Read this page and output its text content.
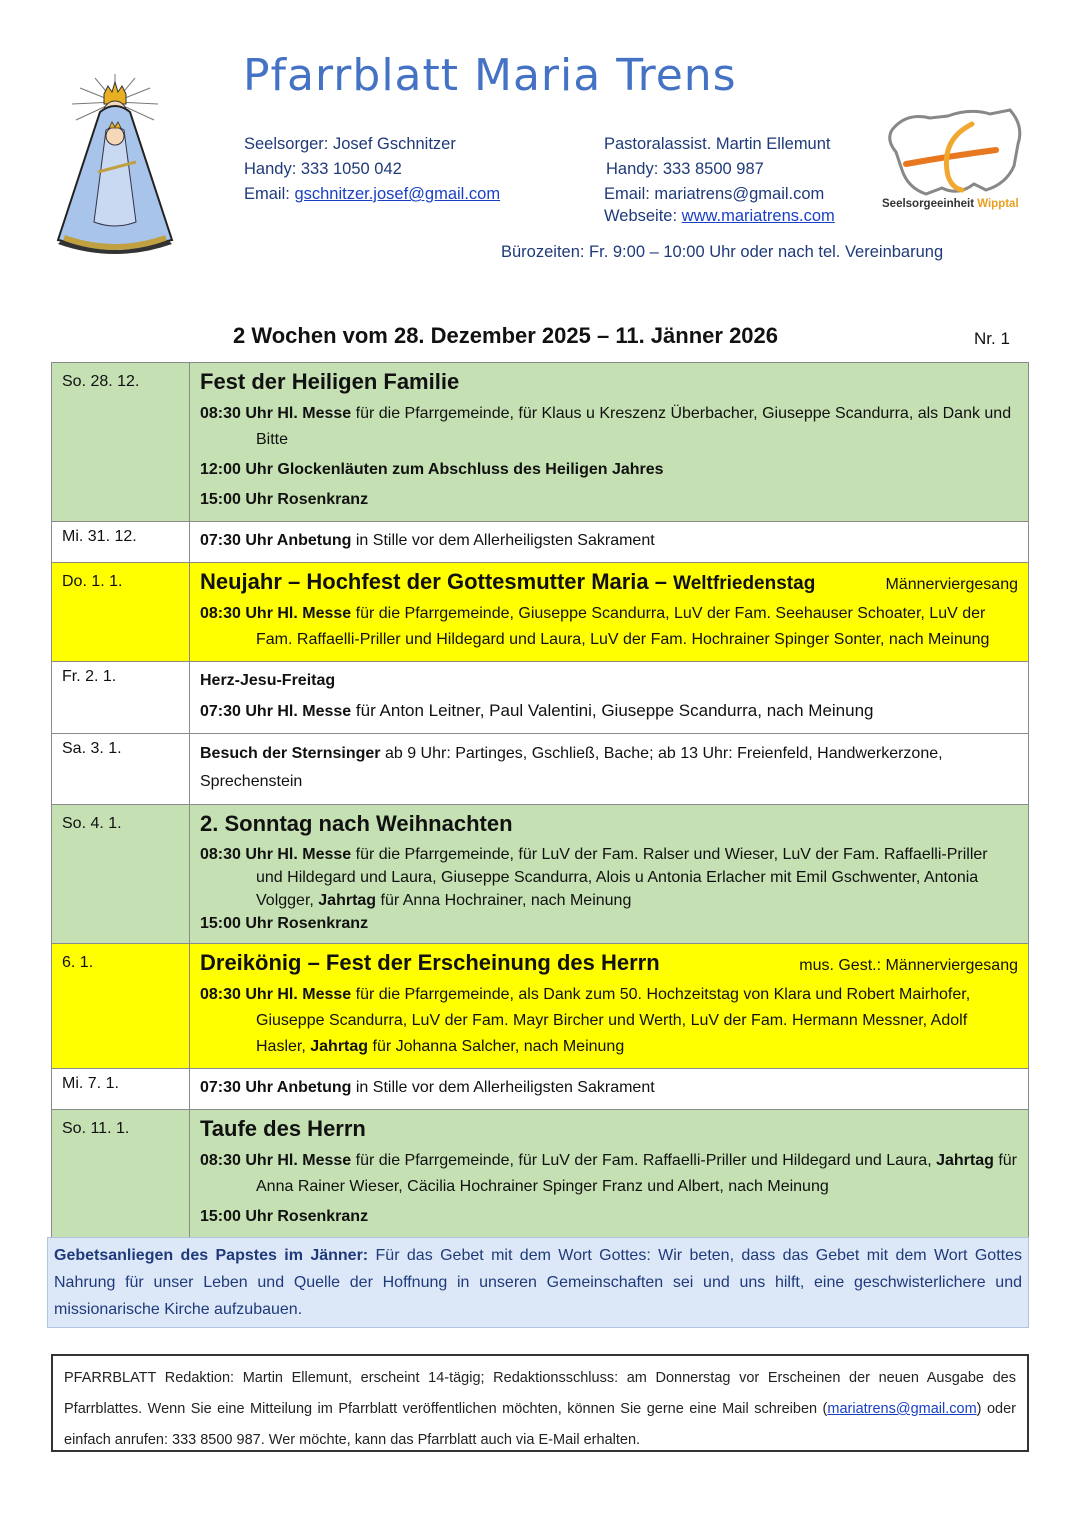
Pfarrblatt Maria Trens
Seelsorger: Josef Gschnitzer
Handy: 333 1050 042
Email: gschnitzer.josef@gmail.com
Pastoralassist. Martin Ellemunt
Handy: 333 8500 987
Email: mariatrens@gmail.com
Webseite: www.mariatrens.com
Bürozeiten: Fr. 9:00 – 10:00 Uhr oder nach tel. Vereinbarung
Seelsorgeeinheit Wipptal
2 Wochen vom 28. Dezember 2025 – 11. Jänner 2026	Nr. 1
So. 28. 12.	Fest der Heiligen Familie
08:30 Uhr Hl. Messe für die Pfarrgemeinde, für Klaus u Kreszenz Überbacher, Giuseppe Scandurra, als Dank und Bitte
12:00 Uhr Glockenläuten zum Abschluss des Heiligen Jahres
15:00 Uhr Rosenkranz

Mi. 31. 12.	07:30 Uhr Anbetung in Stille vor dem Allerheiligsten Sakrament

Do. 1. 1.	Neujahr – Hochfest der Gottesmutter Maria – Weltfriedenstag Männerviergesang
08:30 Uhr Hl. Messe für die Pfarrgemeinde, Giuseppe Scandurra, LuV der Fam. Seehauser Schoater, LuV der Fam. Raffaelli-Priller und Hildegard und Laura, LuV der Fam. Hochrainer Spinger Sonter, nach Meinung

Fr. 2. 1.	Herz-Jesu-Freitag
07:30 Uhr Hl. Messe für Anton Leitner, Paul Valentini, Giuseppe Scandurra, nach Meinung

Sa. 3. 1.	Besuch der Sternsinger ab 9 Uhr: Partinges, Gschließ, Bache; ab 13 Uhr: Freienfeld, Handwerkerzone, Sprechenstein

So. 4. 1.	2. Sonntag nach Weihnachten
08:30 Uhr Hl. Messe für die Pfarrgemeinde, für LuV der Fam. Ralser und Wieser, LuV der Fam. Raffaelli-Priller und Hildegard und Laura, Giuseppe Scandurra, Alois u Antonia Erlacher mit Emil Gschwenter, Antonia Volgger, Jahrtag für Anna Hochrainer, nach Meinung
15:00 Uhr Rosenkranz

6. 1.	Dreikönig – Fest der Erscheinung des Herrn mus. Gest.: Männerviergesang
08:30 Uhr Hl. Messe für die Pfarrgemeinde, als Dank zum 50. Hochzeitstag von Klara und Robert Mairhofer, Giuseppe Scandurra, LuV der Fam. Mayr Bircher und Werth, LuV der Fam. Hermann Messner, Adolf Hasler, Jahrtag für Johanna Salcher, nach Meinung

Mi. 7. 1.	07:30 Uhr Anbetung in Stille vor dem Allerheiligsten Sakrament

So. 11. 1.	Taufe des Herrn
08:30 Uhr Hl. Messe für die Pfarrgemeinde, für LuV der Fam. Raffaelli-Priller und Hildegard und Laura, Jahrtag für Anna Rainer Wieser, Cäcilia Hochrainer Spinger Franz und Albert, nach Meinung
15:00 Uhr Rosenkranz
Gebetsanliegen des Papstes im Jänner: Für das Gebet mit dem Wort Gottes: Wir beten, dass das Gebet mit dem Wort Gottes Nahrung für unser Leben und Quelle der Hoffnung in unseren Gemeinschaften sei und uns hilft, eine geschwisterlichere und missionarische Kirche aufzubauen.
PFARRBLATT Redaktion: Martin Ellemunt, erscheint 14-tägig; Redaktionsschluss: am Donnerstag vor Erscheinen der neuen Ausgabe des Pfarrblattes. Wenn Sie eine Mitteilung im Pfarrblatt veröffentlichen möchten, können Sie gerne eine Mail schreiben (mariatrens@gmail.com) oder einfach anrufen: 333 8500 987. Wer möchte, kann das Pfarrblatt auch via E-Mail erhalten.
